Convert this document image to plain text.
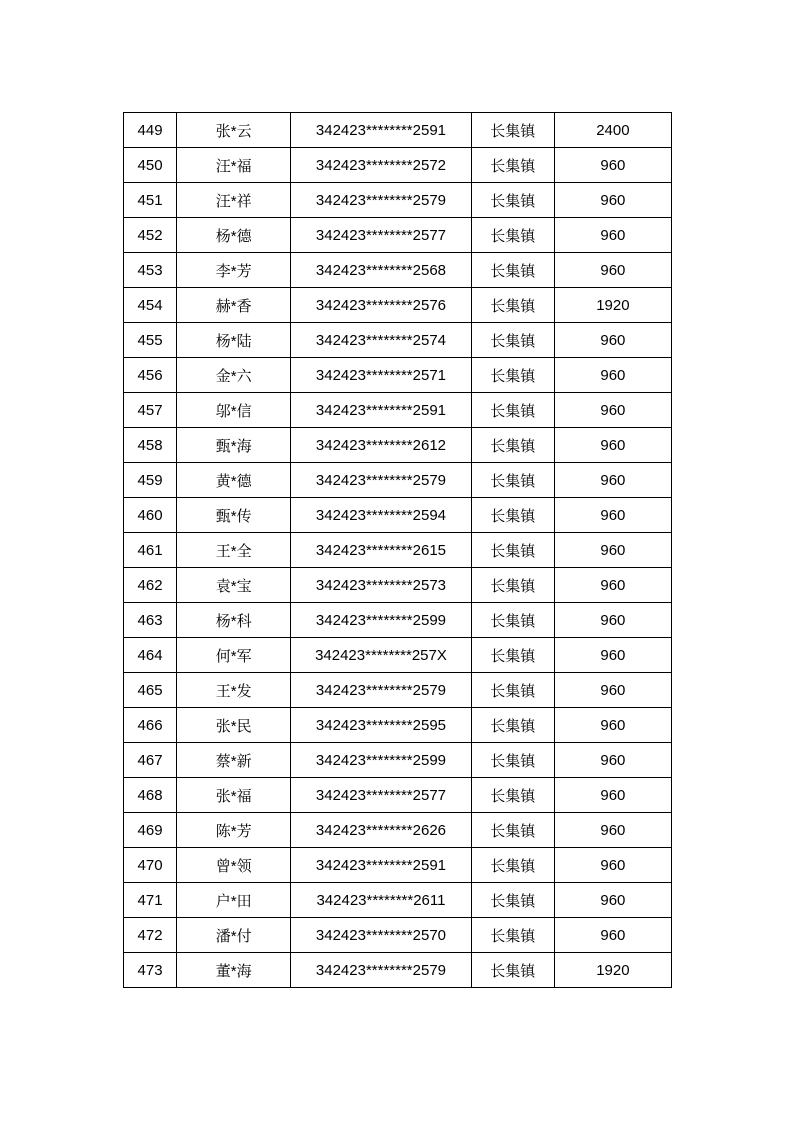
449	张*云	342423********2591	长集镇	2400
450	汪*福	342423********2572	长集镇	960
451	汪*祥	342423********2579	长集镇	960
452	杨*德	342423********2577	长集镇	960
453	李*芳	342423********2568	长集镇	960
454	赫*香	342423********2576	长集镇	1920
455	杨*陆	342423********2574	长集镇	960
456	金*六	342423********2571	长集镇	960
457	邬*信	342423********2591	长集镇	960
458	甄*海	342423********2612	长集镇	960
459	黄*德	342423********2579	长集镇	960
460	甄*传	342423********2594	长集镇	960
461	王*全	342423********2615	长集镇	960
462	袁*宝	342423********2573	长集镇	960
463	杨*科	342423********2599	长集镇	960
464	何*军	342423********257X	长集镇	960
465	王*发	342423********2579	长集镇	960
466	张*民	342423********2595	长集镇	960
467	蔡*新	342423********2599	长集镇	960
468	张*福	342423********2577	长集镇	960
469	陈*芳	342423********2626	长集镇	960
470	曾*领	342423********2591	长集镇	960
471	户*田	342423********2611	长集镇	960
472	潘*付	342423********2570	长集镇	960
473	董*海	342423********2579	长集镇	1920
